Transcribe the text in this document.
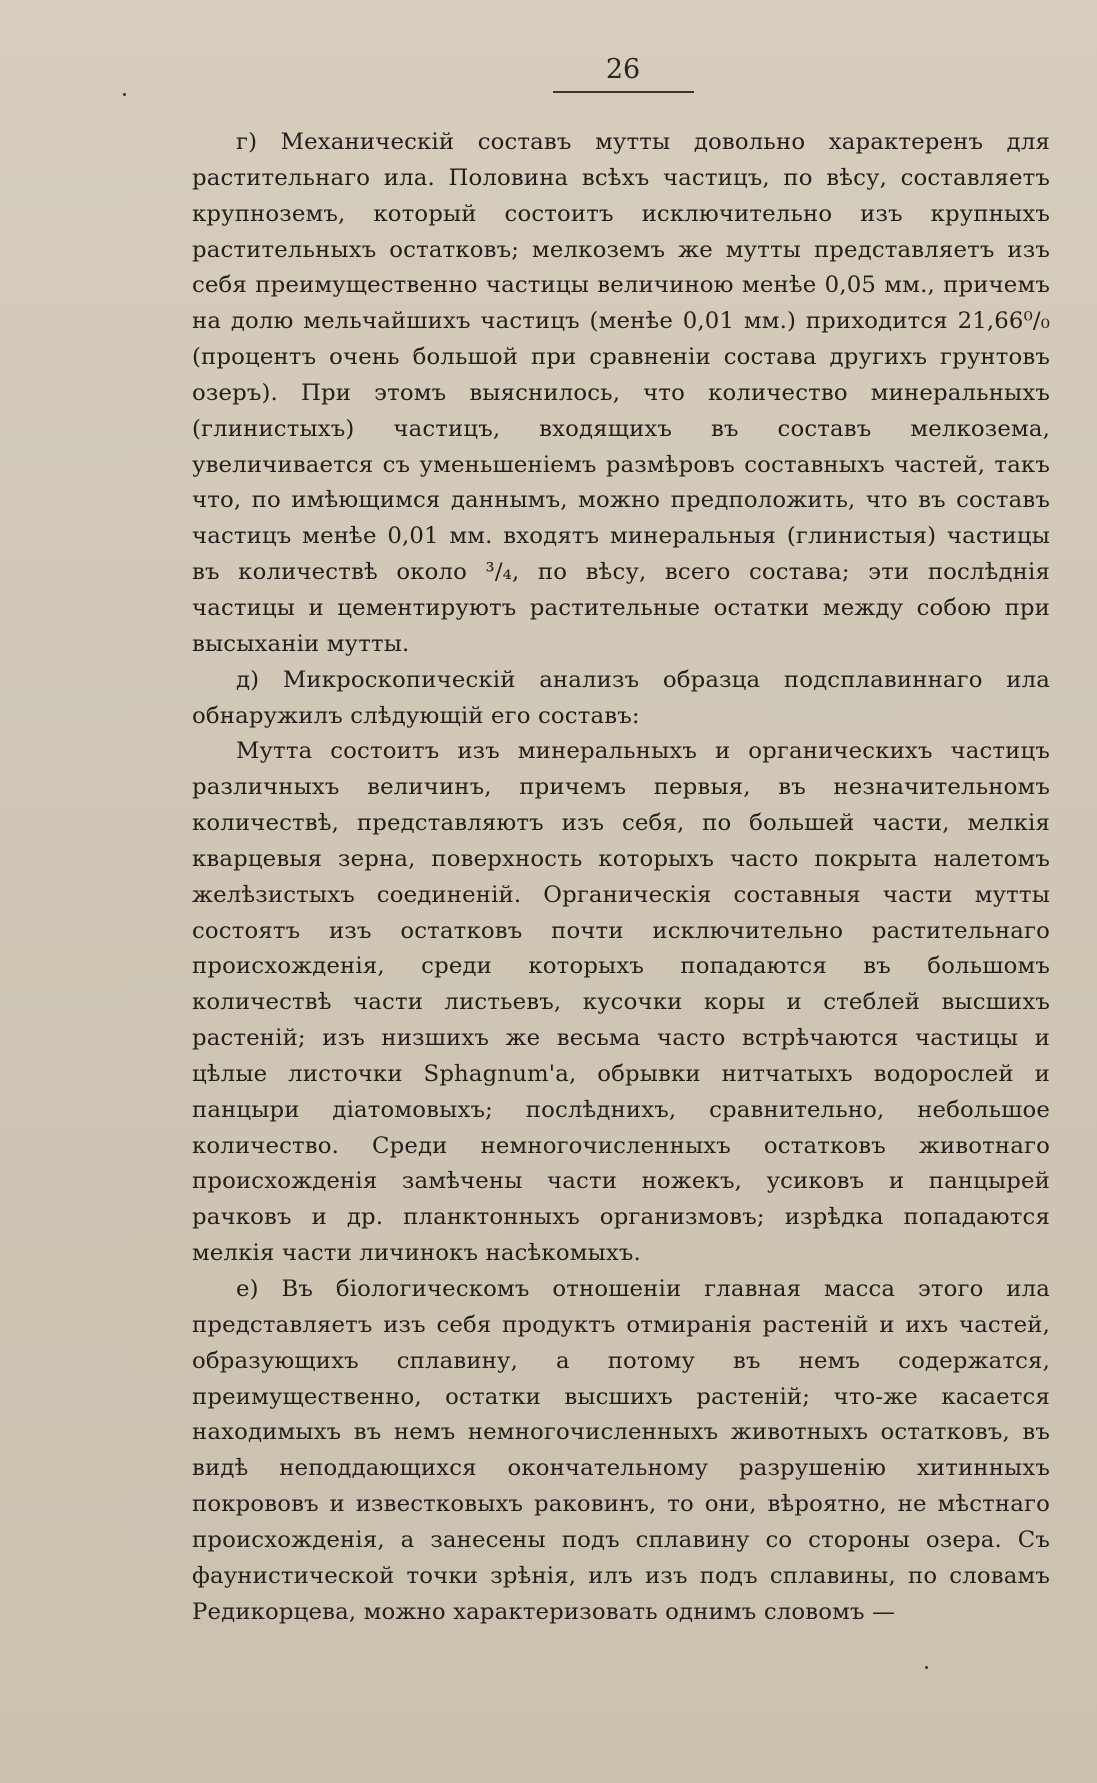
26

г) Механическій составъ мутты довольно характеренъ для растительнаго ила. Половина всѣхъ частицъ, по вѣсу, составляетъ крупноземъ, который состоитъ исключительно изъ крупныхъ растительныхъ остатковъ; мелкоземъ же мутты представляетъ изъ себя преимущественно частицы величиною менѣе 0,05 мм., причемъ на долю мельчайшихъ частицъ (менѣе 0,01 мм.) приходится 21,66⁰/₀ (процентъ очень большой при сравненіи состава другихъ грунтовъ озеръ). При этомъ выяснилось, что количество минеральныхъ (глинистыхъ) частицъ, входящихъ въ составъ мелкозема, увеличивается съ уменьшеніемъ размѣровъ составныхъ частей, такъ что, по имѣющимся даннымъ, можно предположить, что въ составъ частицъ менѣе 0,01 мм. входятъ минеральныя (глинистыя) частицы въ количествѣ около ³/₄, по вѣсу, всего состава; эти послѣднія частицы и цементируютъ растительные остатки между собою при высыханіи мутты.

д) Микроскопическій анализъ образца подсплавиннаго ила обнаружилъ слѣдующій его составъ:

Мутта состоитъ изъ минеральныхъ и органическихъ частицъ различныхъ величинъ, причемъ первыя, въ незначительномъ количествѣ, представляютъ изъ себя, по большей части, мелкія кварцевыя зерна, поверхность которыхъ часто покрыта налетомъ желѣзистыхъ соединеній. Органическія составныя части мутты состоятъ изъ остатковъ почти исключительно растительнаго происхожденія, среди которыхъ попадаются въ большомъ количествѣ части листьевъ, кусочки коры и стеблей высшихъ растеній; изъ низшихъ же весьма часто встрѣчаются частицы и цѣлые листочки Sphagnum'а, обрывки нитчатыхъ водорослей и панцыри діатомовыхъ; послѣднихъ, сравнительно, небольшое количество. Среди немногочисленныхъ остатковъ животнаго происхожденія замѣчены части ножекъ, усиковъ и панцырей рачковъ и др. планктонныхъ организмовъ; изрѣдка попадаются мелкія части личинокъ насѣкомыхъ.

е) Въ біологическомъ отношеніи главная масса этого ила представляетъ изъ себя продуктъ отмиранія растеній и ихъ частей, образующихъ сплавину, а потому въ немъ содержатся, преимущественно, остатки высшихъ растеній; что-же касается находимыхъ въ немъ немногочисленныхъ животныхъ остатковъ, въ видѣ неподдающихся окончательному разрушенію хитинныхъ покрововъ и известковыхъ раковинъ, то они, вѣроятно, не мѣстнаго происхожденія, а занесены подъ сплавину со стороны озера. Съ фаунистической точки зрѣнія, илъ изъ подъ сплавины, по словамъ Редикорцева, можно характеризовать однимъ словомъ —
